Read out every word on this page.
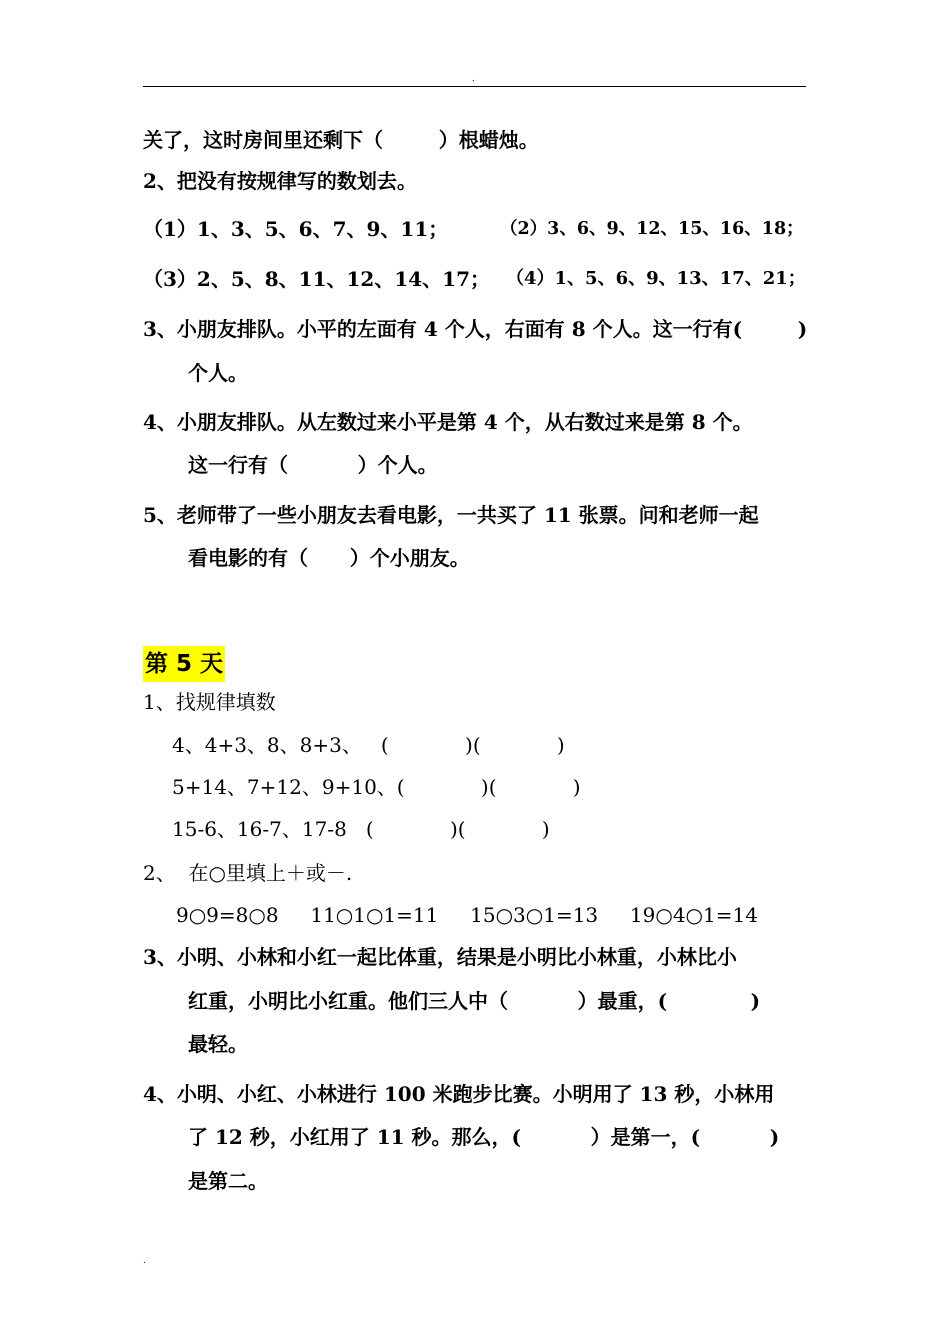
.
关了，这时房间里还剩下（        ）根蜡烛。
2、把没有按规律写的数划去。
（1）1、3、5、6、7、9、11；	（2）3、6、9、12、15、16、18；
（3）2、5、8、11、12、14、17； （4）1、5、6、9、13、17、21；
3、小朋友排队。小平的左面有 4 个人，右面有 8 个人。这一行有(        )
个人。
4、小朋友排队。从左数过来小平是第 4 个，从右数过来是第 8 个。
这一行有（          ）个人。
5、老师带了一些小朋友去看电影，一共买了 11 张票。问和老师一起
看电影的有（      ）个小朋友。
第 5 天
1、找规律填数
4、4+3、8、8+3、   (            )(            )
5+14、7+12、9+10、(            )(            )
15-6、16-7、17-8   (            )(            )
2、  在○里填上＋或－.
9○9=8○8     11○1○1=11     15○3○1=13     19○4○1=14
3、小明、小林和小红一起比体重，结果是小明比小林重，小林比小
红重，小明比小红重。他们三人中（          ）最重，(            )
最轻。
4、小明、小红、小林进行 100 米跑步比赛。小明用了 13 秒，小林用
了 12 秒，小红用了 11 秒。那么，(          ）是第一，(          )
是第二。
.
